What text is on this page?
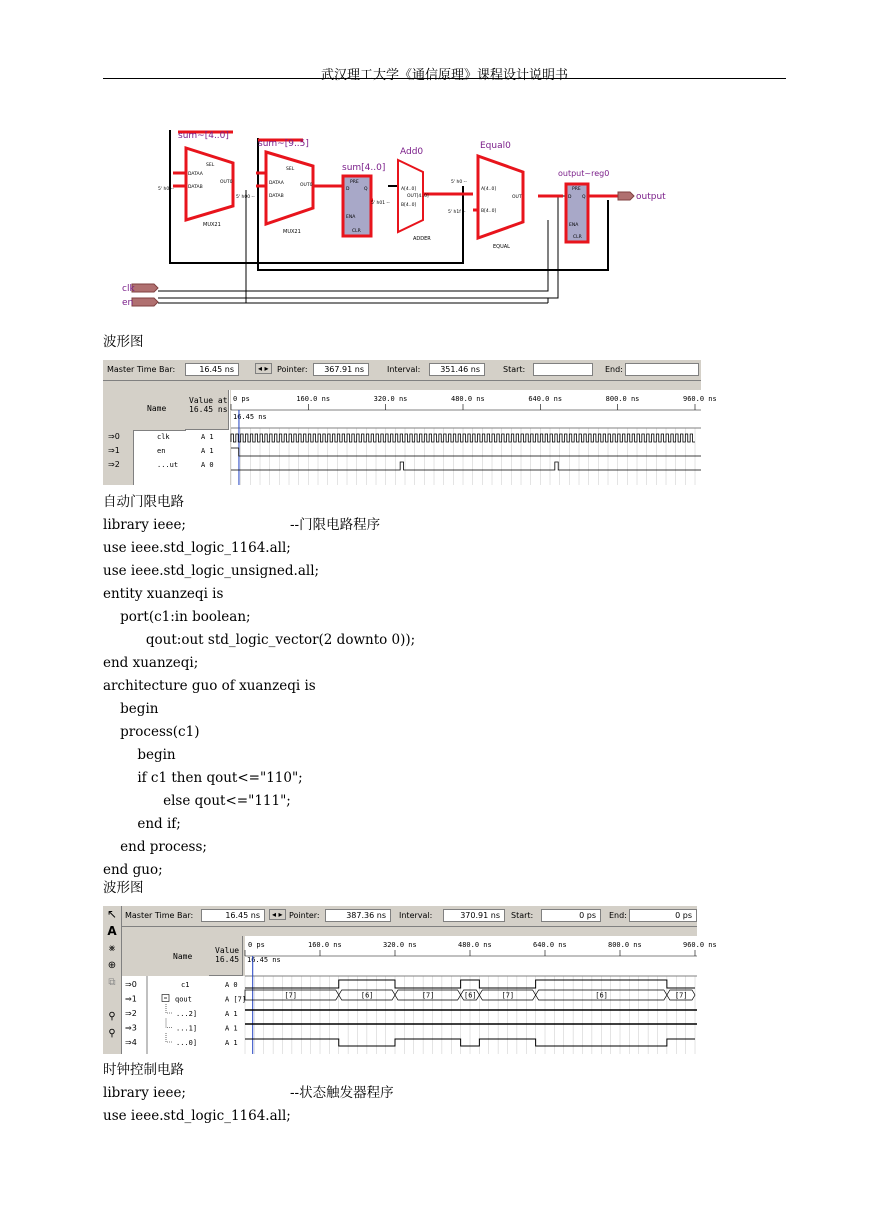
武汉理工大学《通信原理》课程设计说明书
sum~[4..0]
SEL
DATAA
DATAB
OUT0
MUX21
sum~[9..5]
SEL
DATAA
DATAB
OUT0
MUX21
sum[4..0]
PRE
D	Q
ENA
CLR
Add0
A[4..0]
B[4..0]
OUT[4..0]
ADDER
Equal0
A[4..0]
B[4..0]
OUT
EQUAL
output~reg0
PRE
D Q
ENA
CLR
5' h0 --
5' h00 --
5' h01 --
5' h0 --
5' h1f --
clk
en
output
波形图
Master Time Bar:	16.45 ns	◂ ▸	Pointer:	367.91 ns	Interval:	351.46 ns	Start:	End:
Name
Value at
16.45 ns
0 ps	160.0 ns	320.0 ns	480.0 ns	640.0 ns	800.0 ns	960.0 ns
16.45 ns
⇒0	clk	A 1
⇒1	en	A 1
⇒2	...ut	A 0
自动门限电路
library ieee;	--门限电路程序
use ieee.std_logic_1164.all;
use ieee.std_logic_unsigned.all;
entity xuanzeqi is
port(c1:in boolean;
qout:out std_logic_vector(2 downto 0));
end xuanzeqi;
architecture guo of xuanzeqi is
begin
process(c1)
begin
if c1 then qout<="110";
else qout<="111";
end if;
end process;
end guo;
波形图
Master Time Bar:	16.45 ns	◂ ▸ Pointer:	387.36 ns	Interval:	370.91 ns	Start:	0 ps	End:	0 ps
↖
A
⨳
⊕
⧉

⚲
⚲
Name
Value
16.45
0 ps	160.0 ns	320.0 ns	480.0 ns	640.0 ns	800.0 ns	960.0 ns
16.45 ns
⇒0	c1	A 0
⇒1	qout	A [7]
⇒2	...2]	A 1
⇒3	...1]	A 1
⇒4	...0]	A 1
[7]	[6]	[7]	[6]	[7]	[6]	[7]
时钟控制电路
library ieee;	--状态触发器程序
use ieee.std_logic_1164.all;
